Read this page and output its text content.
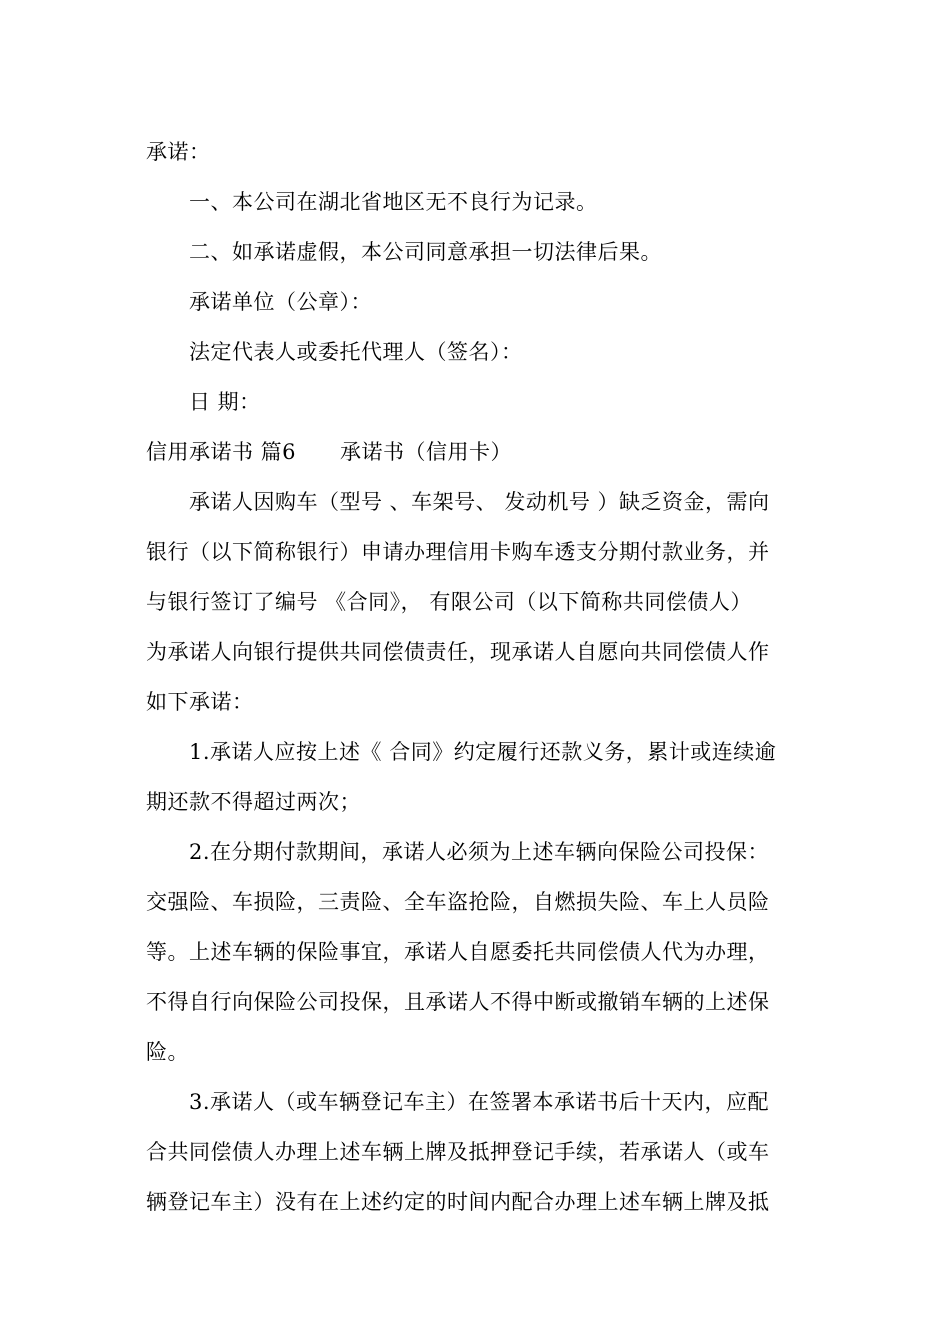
承诺：
一、本公司在湖北省地区无不良行为记录。
二、如承诺虚假，本公司同意承担一切法律后果。
承诺单位（公章）：
法定代表人或委托代理人（签名）：
日 期：
信用承诺书 篇6 承诺书（信用卡）
承诺人因购车（型号 、车架号、 发动机号 ）缺乏资金，需向
银行（以下简称银行）申请办理信用卡购车透支分期付款业务，并
与银行签订了编号 《合同》， 有限公司（以下简称共同偿债人）
为承诺人向银行提供共同偿债责任，现承诺人自愿向共同偿债人作
如下承诺：
1.承诺人应按上述《 合同》约定履行还款义务，累计或连续逾
期还款不得超过两次；
2.在分期付款期间，承诺人必须为上述车辆向保险公司投保：
交强险、车损险，三责险、全车盗抢险，自燃损失险、车上人员险
等。上述车辆的保险事宜，承诺人自愿委托共同偿债人代为办理，
不得自行向保险公司投保，且承诺人不得中断或撤销车辆的上述保
险。
3.承诺人（或车辆登记车主）在签署本承诺书后十天内，应配
合共同偿债人办理上述车辆上牌及抵押登记手续，若承诺人（或车
辆登记车主）没有在上述约定的时间内配合办理上述车辆上牌及抵
